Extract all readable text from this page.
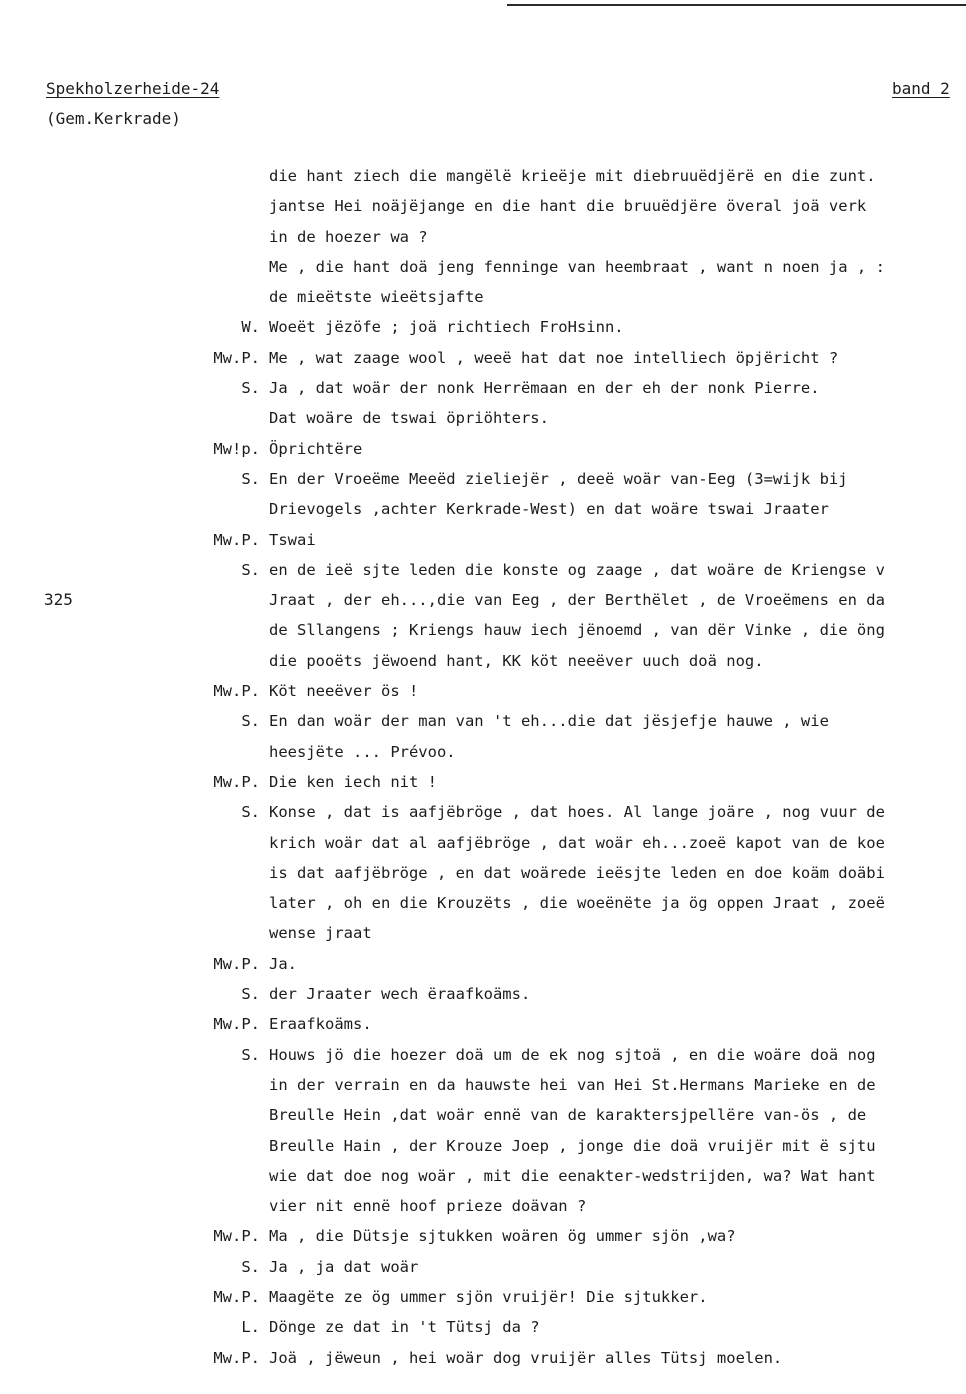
Spekholzerheide-24
(Gem.Kerkrade)
band 2
325
die hant ziech die mangëlë krieëje mit diebruuëdjërë en die zunt.
jantse Hei noäjëjange en die hant die bruuëdjëre överal joä verk
in de hoezer wa ?
Me , die hant doä jeng fenninge van heembraat , want n noen ja , :
de mieëtste wieëtsjafte
W. Woeët jëzöfe ; joä richtiech FroHsinn.
Mw.P. Me , wat zaage wool , weeë hat dat noe intelliech öpjëricht ?
S. Ja , dat woär der nonk Herrëmaan en der eh der nonk Pierre.
Dat woäre de tswai öpriöhters.
Mw!p. Öprichtëre
S. En der Vroeëme Meeëd zieliejër , deeë woär van-Eeg (3=wijk bij
Drievogels ,achter Kerkrade-West) en dat woäre tswai Jraater
Mw.P. Tswai
S. en de ieë sjte leden die konste og zaage , dat woäre de Kriengse v
Jraat , der eh...,die van Eeg , der Berthëlet , de Vroeëmens en da
de Sllangens ; Kriengs hauw iech jënoemd , van dër Vinke , die öng
die pooëts jëwoend hant, KK köt neeëver uuch doä nog.
Mw.P. Köt neeëver ös !
S. En dan woär der man van 't eh...die dat jësjefje hauwe , wie
heesjëte ... Prévoo.
Mw.P. Die ken iech nit !
S. Konse , dat is aafjëbröge , dat hoes. Al lange joäre , nog vuur de
krich woär dat al aafjëbröge , dat woär eh...zoeë kapot van de koe
is dat aafjëbröge , en dat woärede ieësjte leden en doe koäm doäbi
later , oh en die Krouzëts , die woeënëte ja ög oppen Jraat , zoeë
wense jraat
Mw.P. Ja.
S. der Jraater wech ëraafkoäms.
Mw.P. Eraafkoäms.
S. Houws jö die hoezer doä um de ek nog sjtoä , en die woäre doä nog
in der verrain en da hauwste hei van Hei St.Hermans Marieke en de
Breulle Hein ,dat woär ennë van de karaktersjpellëre van-ös , de
Breulle Hain , der Krouze Joep , jonge die doä vruijër mit ë sjtu
wie dat doe nog woär , mit die eenakter-wedstrijden, wa? Wat hant
vier nit ennë hoof prieze doävan ?
Mw.P. Ma , die Dütsje sjtukken woären ög ummer sjön ,wa?
S. Ja , ja dat woär
Mw.P. Maagëte ze ög ummer sjön vruijër! Die sjtukker.
L. Dönge ze dat in 't Tütsj da ?
Mw.P. Joä , jëweun , hei woär dog vruijër alles Tütsj moelen.
